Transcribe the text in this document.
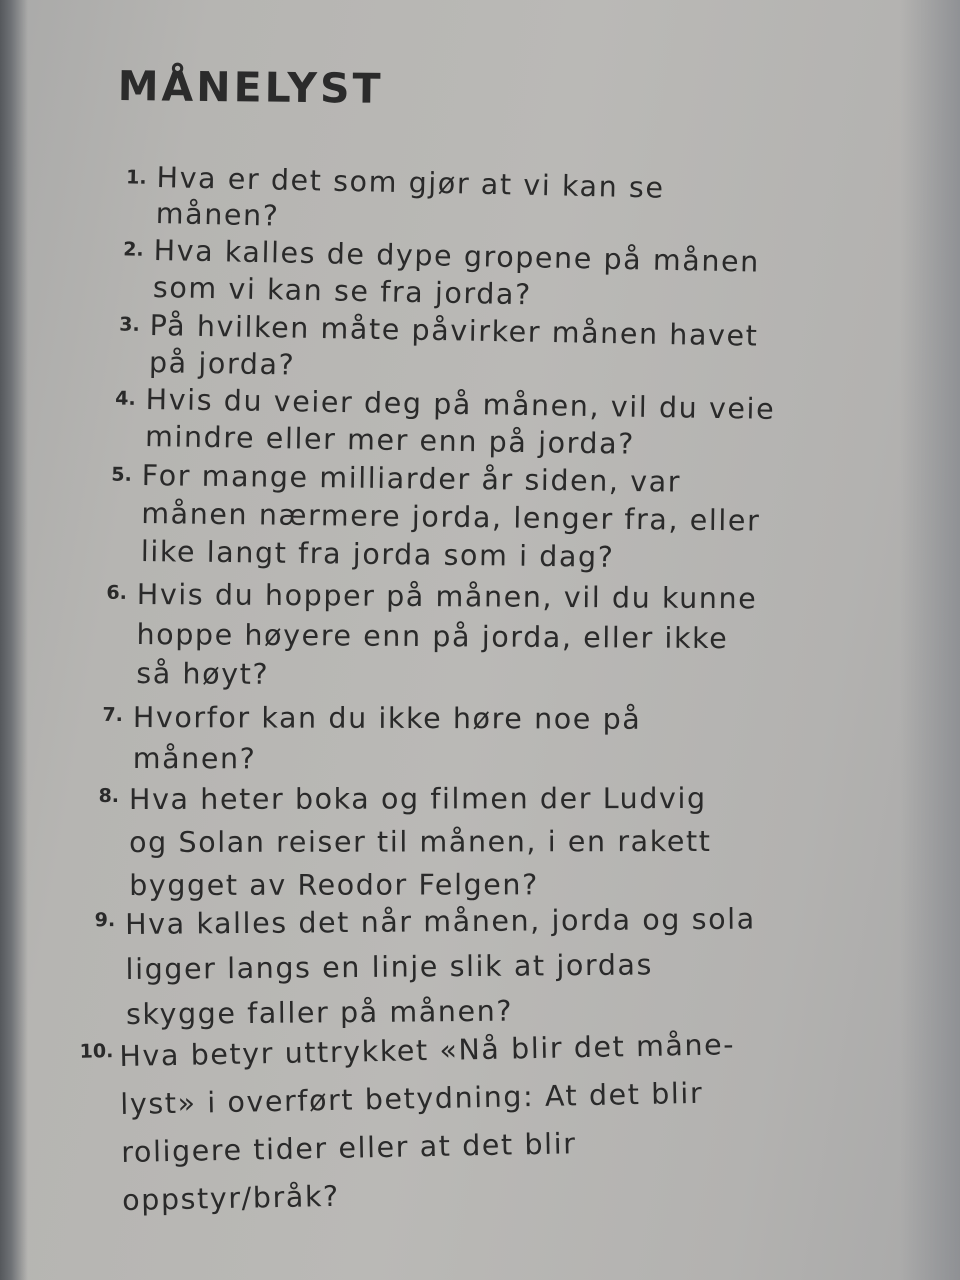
MÅNELYST
1. Hva er det som gjør at vi kan se
månen?

2. Hva kalles de dype gropene på månen
som vi kan se fra jorda?

3. På hvilken måte påvirker månen havet
på jorda?

4. Hvis du veier deg på månen, vil du veie
mindre eller mer enn på jorda?

5. For mange milliarder år siden, var
månen nærmere jorda, lenger fra, eller
like langt fra jorda som i dag?

6. Hvis du hopper på månen, vil du kunne
hoppe høyere enn på jorda, eller ikke
så høyt?

7. Hvorfor kan du ikke høre noe på
månen?

8. Hva heter boka og filmen der Ludvig
og Solan reiser til månen, i en rakett
bygget av Reodor Felgen?

9. Hva kalles det når månen, jorda og sola
ligger langs en linje slik at jordas
skygge faller på månen?

10. Hva betyr uttrykket «Nå blir det måne-
lyst» i overført betydning: At det blir
roligere tider eller at det blir
oppstyr/bråk?
